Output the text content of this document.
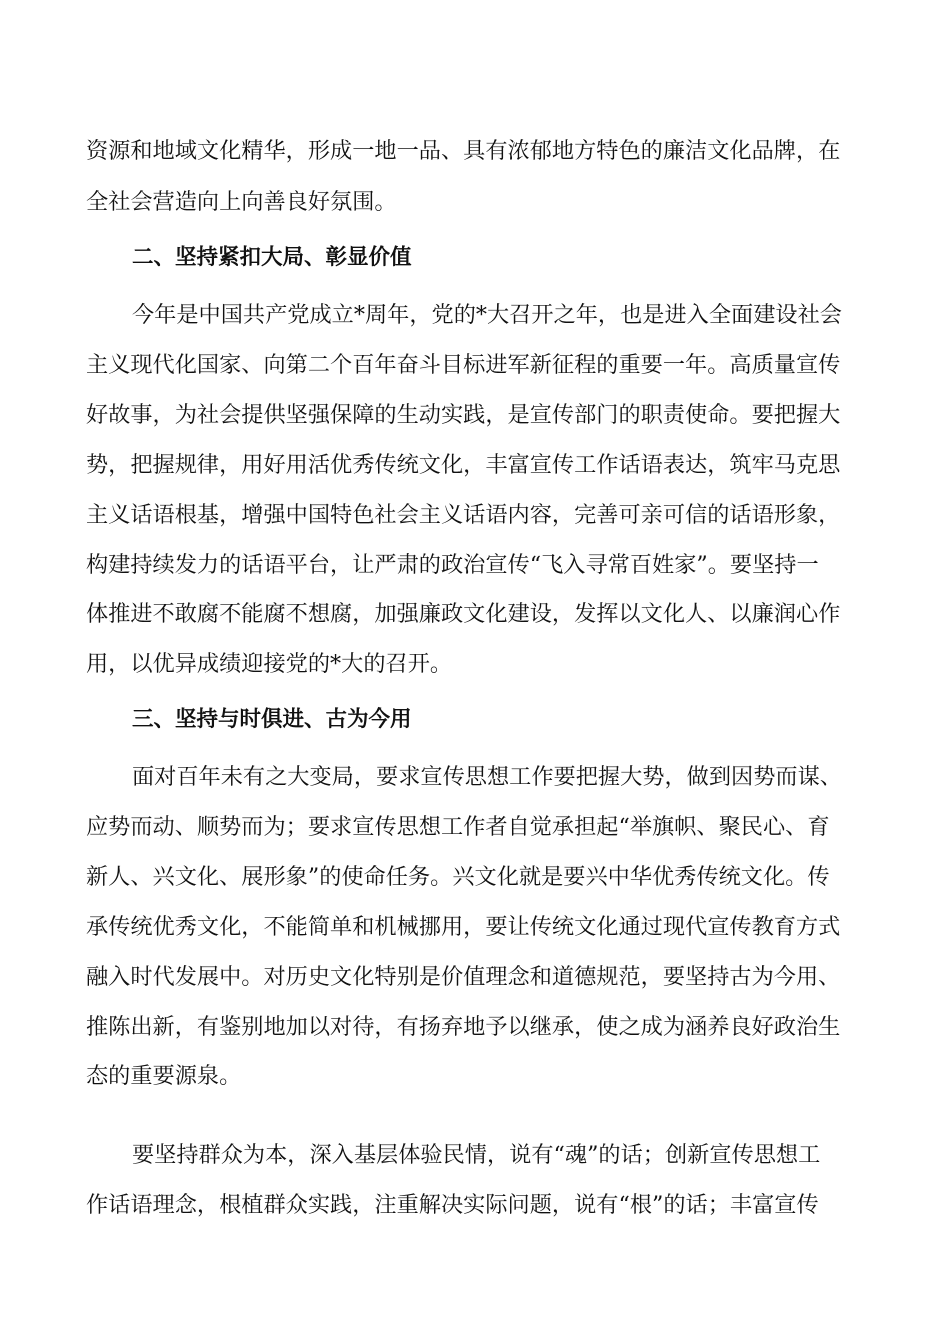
资源和地域文化精华，形成一地一品、具有浓郁地方特色的廉洁文化品牌，在
全社会营造向上向善良好氛围。
二、坚持紧扣大局、彰显价值
今年是中国共产党成立*周年，党的*大召开之年，也是进入全面建设社会
主义现代化国家、向第二个百年奋斗目标进军新征程的重要一年。高质量宣传
好故事，为社会提供坚强保障的生动实践，是宣传部门的职责使命。要把握大
势，把握规律，用好用活优秀传统文化，丰富宣传工作话语表达，筑牢马克思
主义话语根基，增强中国特色社会主义话语内容，完善可亲可信的话语形象，
构建持续发力的话语平台，让严肃的政治宣传“飞入寻常百姓家”。要坚持一
体推进不敢腐不能腐不想腐，加强廉政文化建设，发挥以文化人、以廉润心作
用，以优异成绩迎接党的*大的召开。
三、坚持与时俱进、古为今用
面对百年未有之大变局，要求宣传思想工作要把握大势，做到因势而谋、
应势而动、顺势而为；要求宣传思想工作者自觉承担起“举旗帜、聚民心、育
新人、兴文化、展形象”的使命任务。兴文化就是要兴中华优秀传统文化。传
承传统优秀文化，不能简单和机械挪用，要让传统文化通过现代宣传教育方式
融入时代发展中。对历史文化特别是价值理念和道德规范，要坚持古为今用、
推陈出新，有鉴别地加以对待，有扬弃地予以继承，使之成为涵养良好政治生
态的重要源泉。
要坚持群众为本，深入基层体验民情，说有“魂”的话；创新宣传思想工
作话语理念，根植群众实践，注重解决实际问题，说有“根”的话；丰富宣传
